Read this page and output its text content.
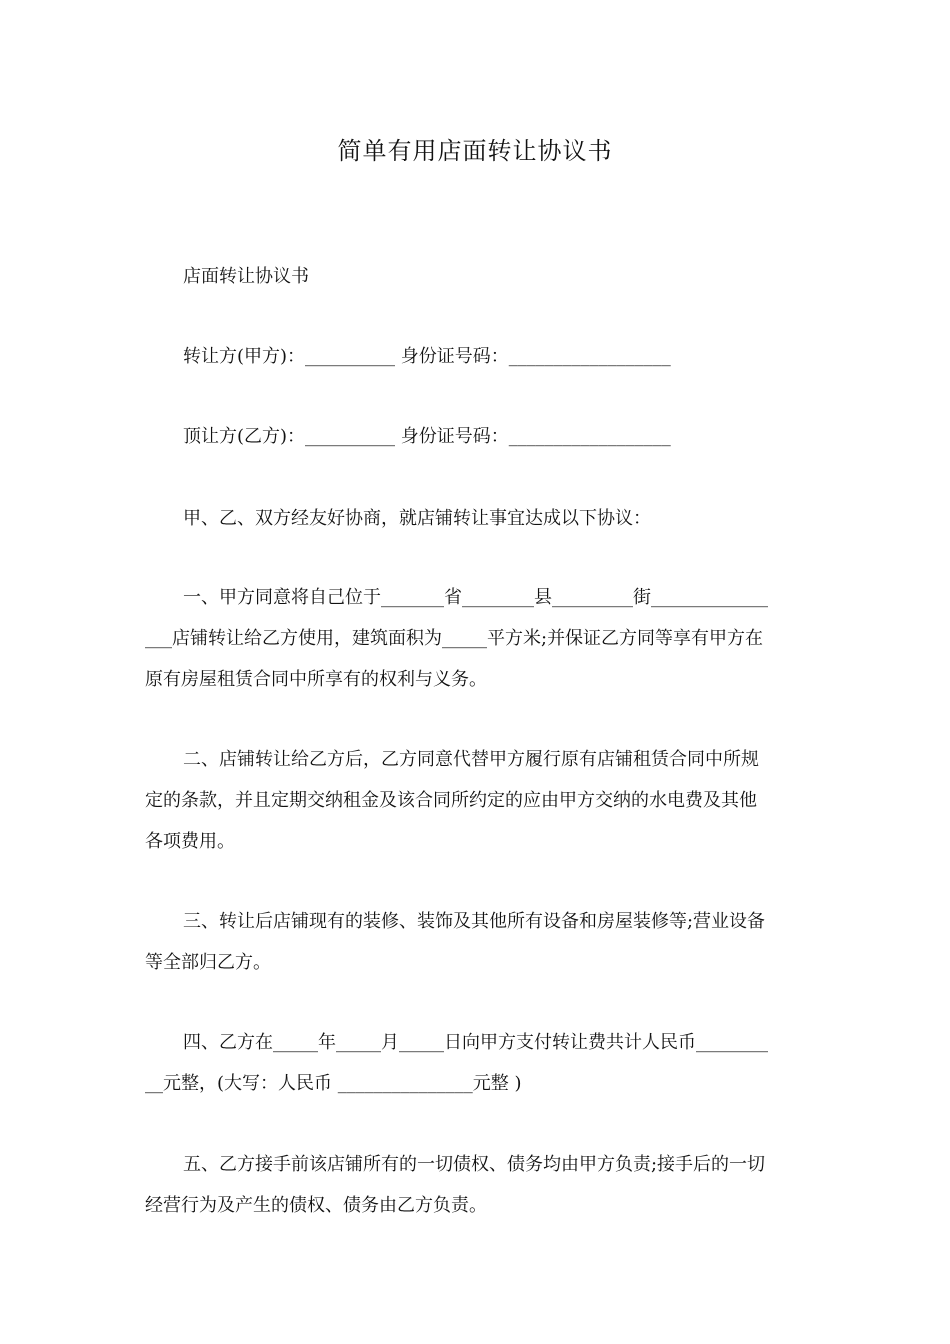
简单有用店面转让协议书
店面转让协议书
转让方(甲方)：__________ 身份证号码：__________________
顶让方(乙方)：__________ 身份证号码：__________________
甲、乙、双方经友好协商，就店铺转让事宜达成以下协议：
一、甲方同意将自己位于_______省________县_________街_____________
___店铺转让给乙方使用，建筑面积为_____平方米;并保证乙方同等享有甲方在
原有房屋租赁合同中所享有的权利与义务。
二、店铺转让给乙方后，乙方同意代替甲方履行原有店铺租赁合同中所规
定的条款，并且定期交纳租金及该合同所约定的应由甲方交纳的水电费及其他
各项费用。
三、转让后店铺现有的装修、装饰及其他所有设备和房屋装修等;营业设备
等全部归乙方。
四、乙方在_____年_____月_____日向甲方支付转让费共计人民币________
__元整，(大写：人民币 _______________元整 )
五、乙方接手前该店铺所有的一切债权、债务均由甲方负责;接手后的一切
经营行为及产生的债权、债务由乙方负责。
